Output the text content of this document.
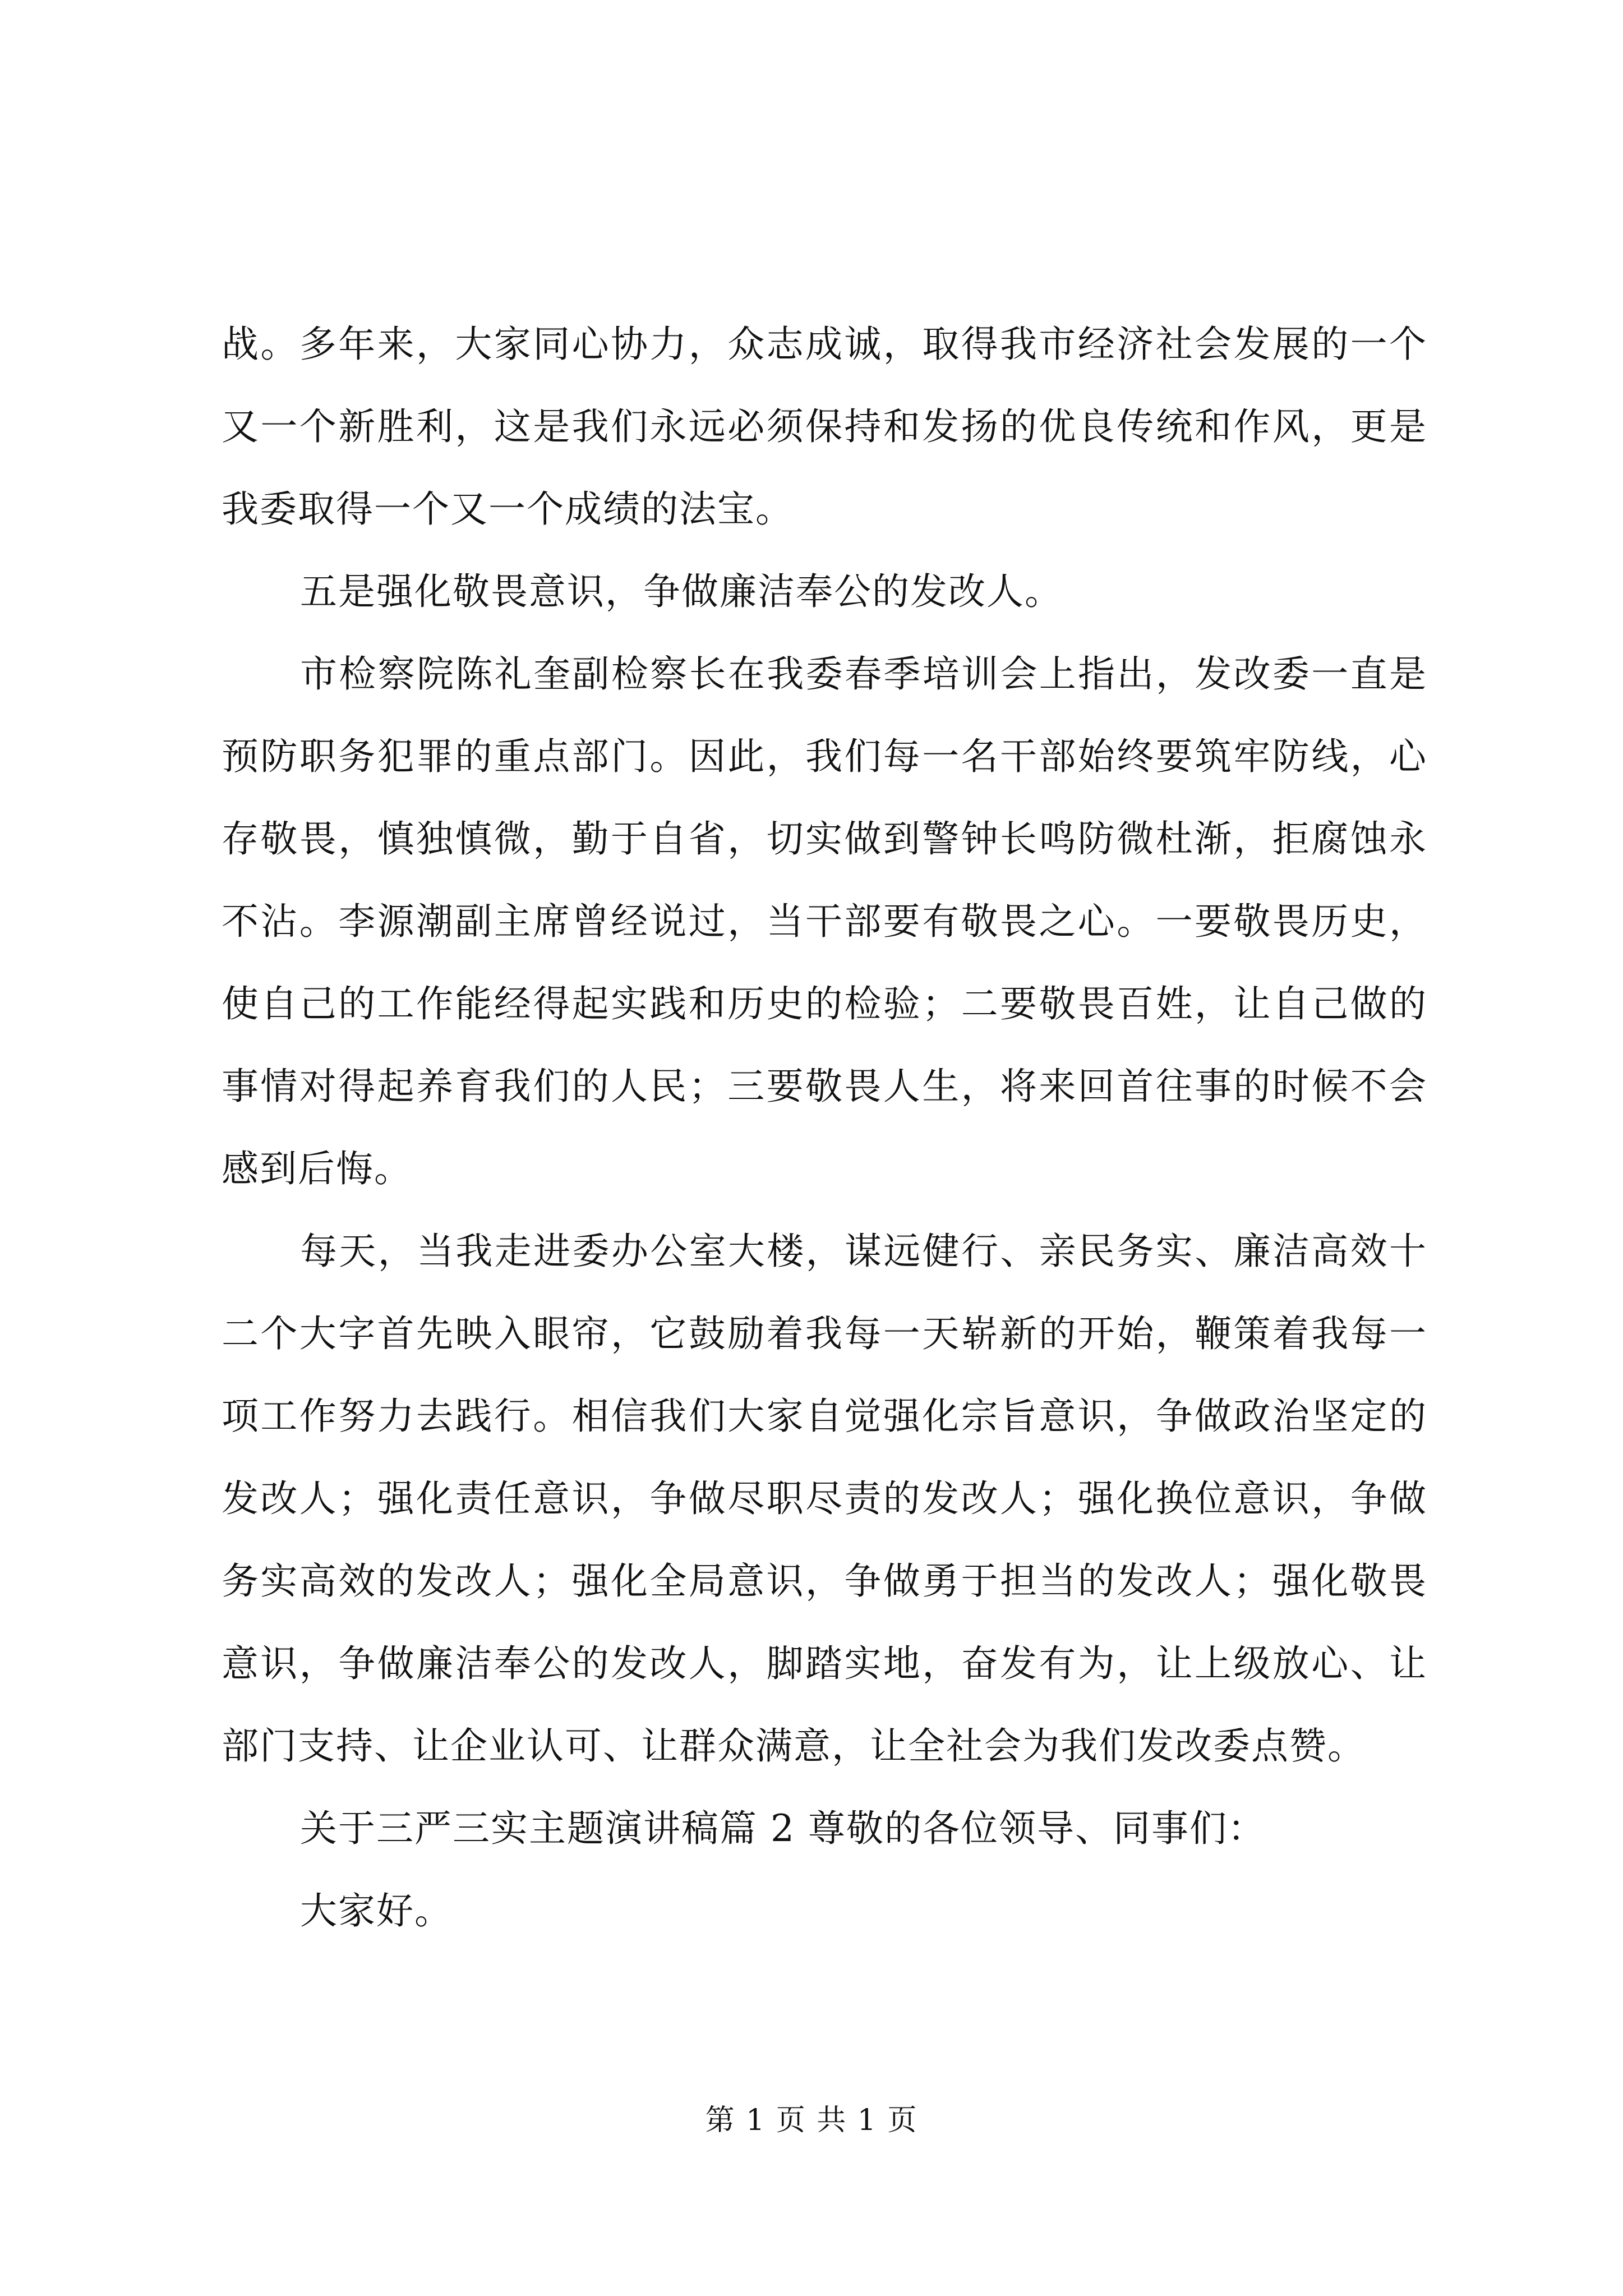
战。多年来，大家同心协力，众志成诚，取得我市经济社会发展的一个又一个新胜利，这是我们永远必须保持和发扬的优良传统和作风，更是我委取得一个又一个成绩的法宝。

五是强化敬畏意识，争做廉洁奉公的发改人。

市检察院陈礼奎副检察长在我委春季培训会上指出，发改委一直是预防职务犯罪的重点部门。因此，我们每一名干部始终要筑牢防线，心存敬畏，慎独慎微，勤于自省，切实做到警钟长鸣防微杜渐，拒腐蚀永不沾。李源潮副主席曾经说过，当干部要有敬畏之心。一要敬畏历史，使自己的工作能经得起实践和历史的检验；二要敬畏百姓，让自己做的事情对得起养育我们的人民；三要敬畏人生，将来回首往事的时候不会感到后悔。

每天，当我走进委办公室大楼，谋远健行、亲民务实、廉洁高效十二个大字首先映入眼帘，它鼓励着我每一天崭新的开始，鞭策着我每一项工作努力去践行。相信我们大家自觉强化宗旨意识，争做政治坚定的发改人；强化责任意识，争做尽职尽责的发改人；强化换位意识，争做务实高效的发改人；强化全局意识，争做勇于担当的发改人；强化敬畏意识，争做廉洁奉公的发改人，脚踏实地，奋发有为，让上级放心、让部门支持、让企业认可、让群众满意，让全社会为我们发改委点赞。

关于三严三实主题演讲稿篇 2 尊敬的各位领导、同事们：

大家好。

第 1 页 共 1 页
